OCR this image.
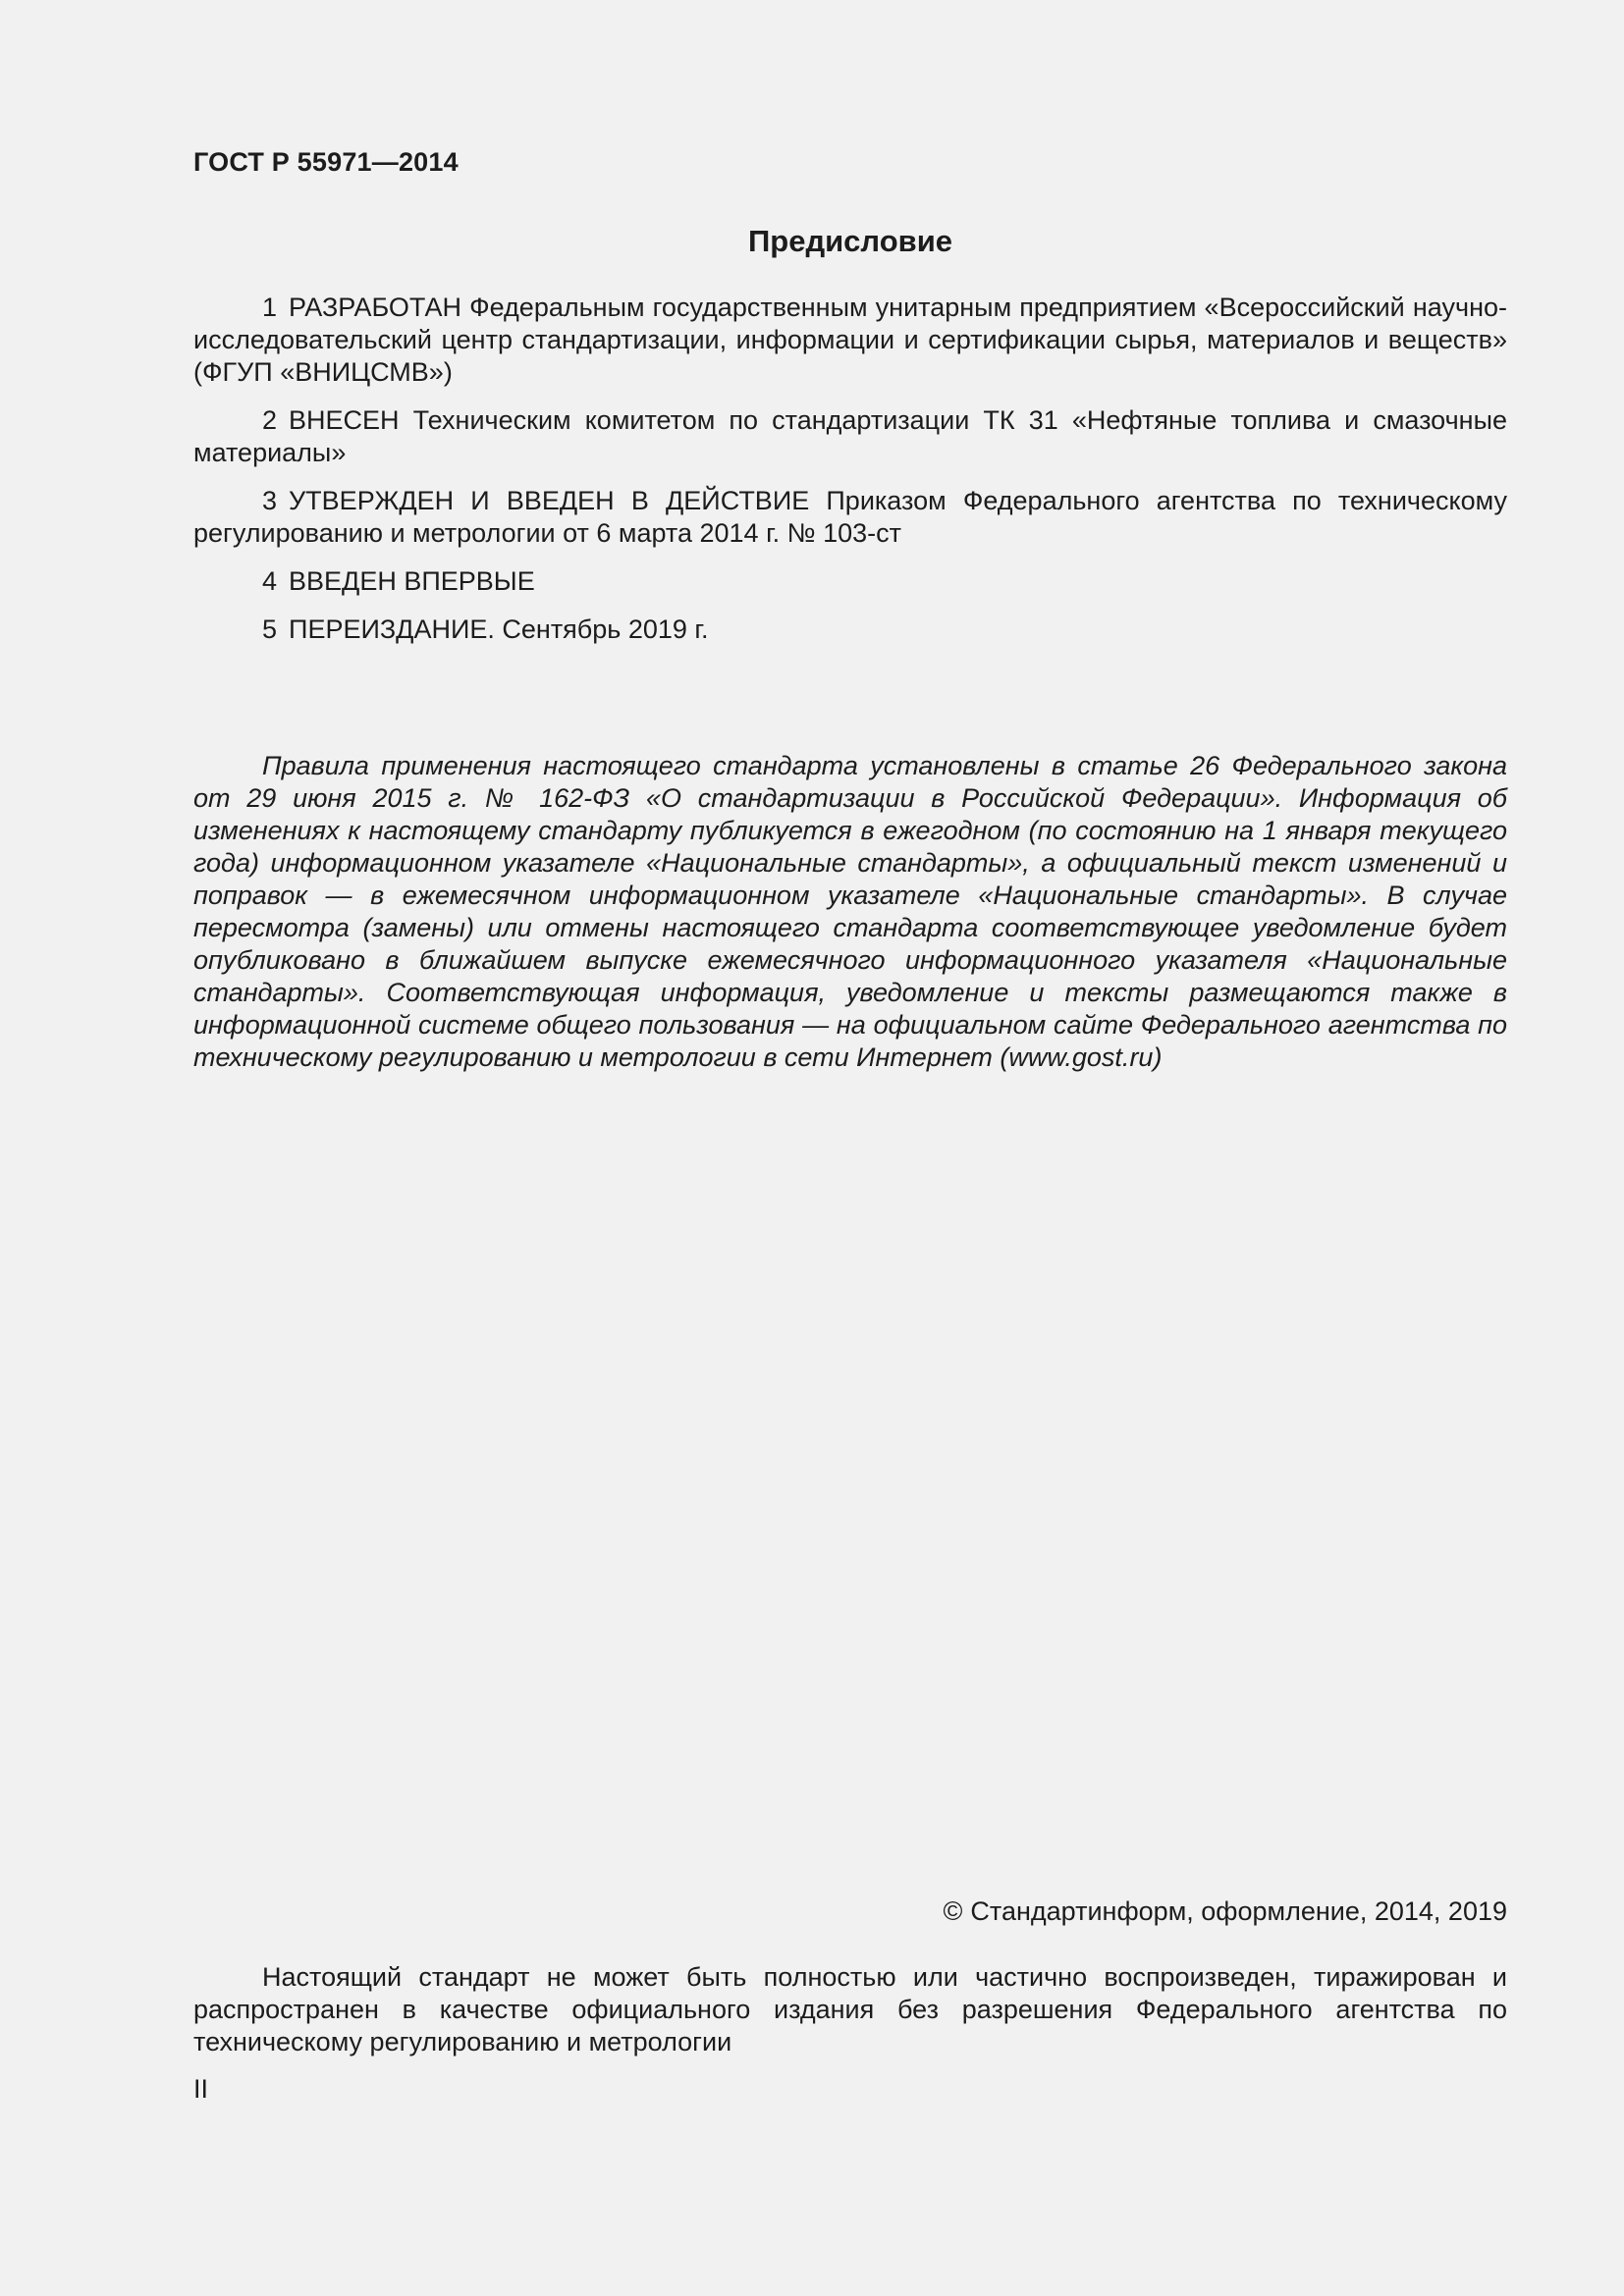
ГОСТ Р 55971—2014
Предисловие

1 РАЗРАБОТАН Федеральным государственным унитарным предприятием «Всероссийский научно-исследовательский центр стандартизации, информации и сертификации сырья, материалов и веществ» (ФГУП «ВНИЦСМВ»)

2 ВНЕСЕН Техническим комитетом по стандартизации ТК 31 «Нефтяные топлива и смазочные материалы»

3 УТВЕРЖДЕН И ВВЕДЕН В ДЕЙСТВИЕ Приказом Федерального агентства по техническому регулированию и метрологии от 6 марта 2014 г. № 103-ст

4 ВВЕДЕН ВПЕРВЫЕ

5 ПЕРЕИЗДАНИЕ. Сентябрь 2019 г.

Правила применения настоящего стандарта установлены в статье 26 Федерального закона от 29 июня 2015 г. № 162-ФЗ «О стандартизации в Российской Федерации». Информация об изменениях к настоящему стандарту публикуется в ежегодном (по состоянию на 1 января текущего года) информационном указателе «Национальные стандарты», а официальный текст изменений и поправок — в ежемесячном информационном указателе «Национальные стандарты». В случае пересмотра (замены) или отмены настоящего стандарта соответствующее уведомление будет опубликовано в ближайшем выпуске ежемесячного информационного указателя «Национальные стандарты». Соответствующая информация, уведомление и тексты размещаются также в информационной системе общего пользования — на официальном сайте Федерального агентства по техническому регулированию и метрологии в сети Интернет (www.gost.ru)

© Стандартинформ, оформление, 2014, 2019

Настоящий стандарт не может быть полностью или частично воспроизведен, тиражирован и распространен в качестве официального издания без разрешения Федерального агентства по техническому регулированию и метрологии

II
